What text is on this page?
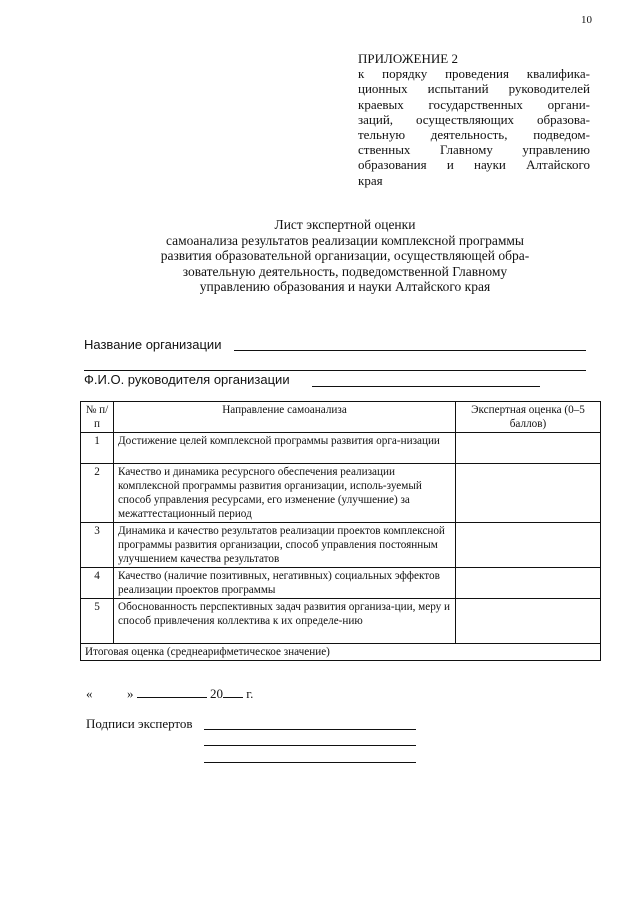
10
ПРИЛОЖЕНИЕ 2
к порядку проведения квалифика-
ционных испытаний руководителей
краевых государственных органи-
заций, осуществляющих образова-
тельную деятельность, подведом-
ственных Главному управлению
образования и науки Алтайского
края
Лист экспертной оценки
самоанализа результатов реализации комплексной программы
развития образовательной организации, осуществляющей обра-
зовательную деятельность, подведомственной Главному
управлению образования и науки Алтайского края
Название организации
Ф.И.О. руководителя организации
№ п/п	Направление самоанализа	Экспертная оценка (0–5 баллов)
1	Достижение целей комплексной программы развития орга-низации	
2	Качество и динамика ресурсного обеспечения реализации комплексной программы развития организации, исполь-зуемый способ управления ресурсами, его изменение (улучшение) за межаттестационный период	
3	Динамика и качество результатов реализации проектов комплексной программы развития организации, способ управления постоянным улучшением качества результатов	
4	Качество (наличие позитивных, негативных) социальных эффектов реализации проектов программы	
5	Обоснованность перспективных задач развития организа-ции, меру и способ привлечения коллектива к их определе-нию	
Итоговая оценка (среднеарифметическое значение)		
«	»	20 г.
Подписи экспертов
